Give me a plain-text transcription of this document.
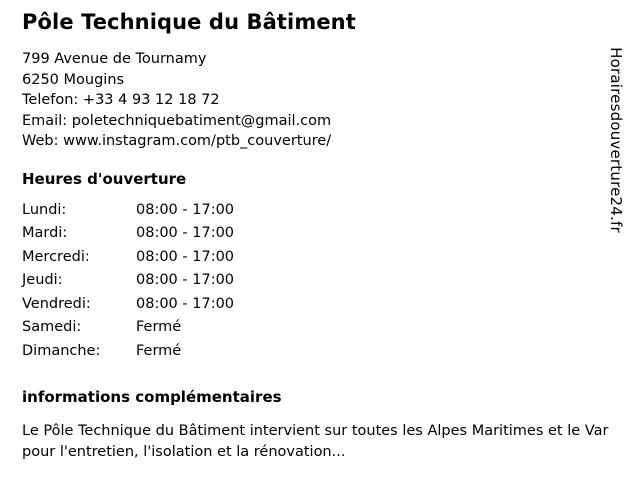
Pôle Technique du Bâtiment
799 Avenue de Tournamy
6250 Mougins
Telefon: +33 4 93 12 18 72
Email: poletechniquebatiment@gmail.com
Web: www.instagram.com/ptb_couverture/
Heures d'ouverture
Lundi:	08:00 - 17:00
Mardi:	08:00 - 17:00
Mercredi:	08:00 - 17:00
Jeudi:	08:00 - 17:00
Vendredi:	08:00 - 17:00
Samedi:	Fermé
Dimanche:	Fermé
informations complémentaires

Le Pôle Technique du Bâtiment intervient sur toutes les Alpes Maritimes et le Var pour l'entretien, l'isolation et la rénovation...

Horairesdouverture24.fr
